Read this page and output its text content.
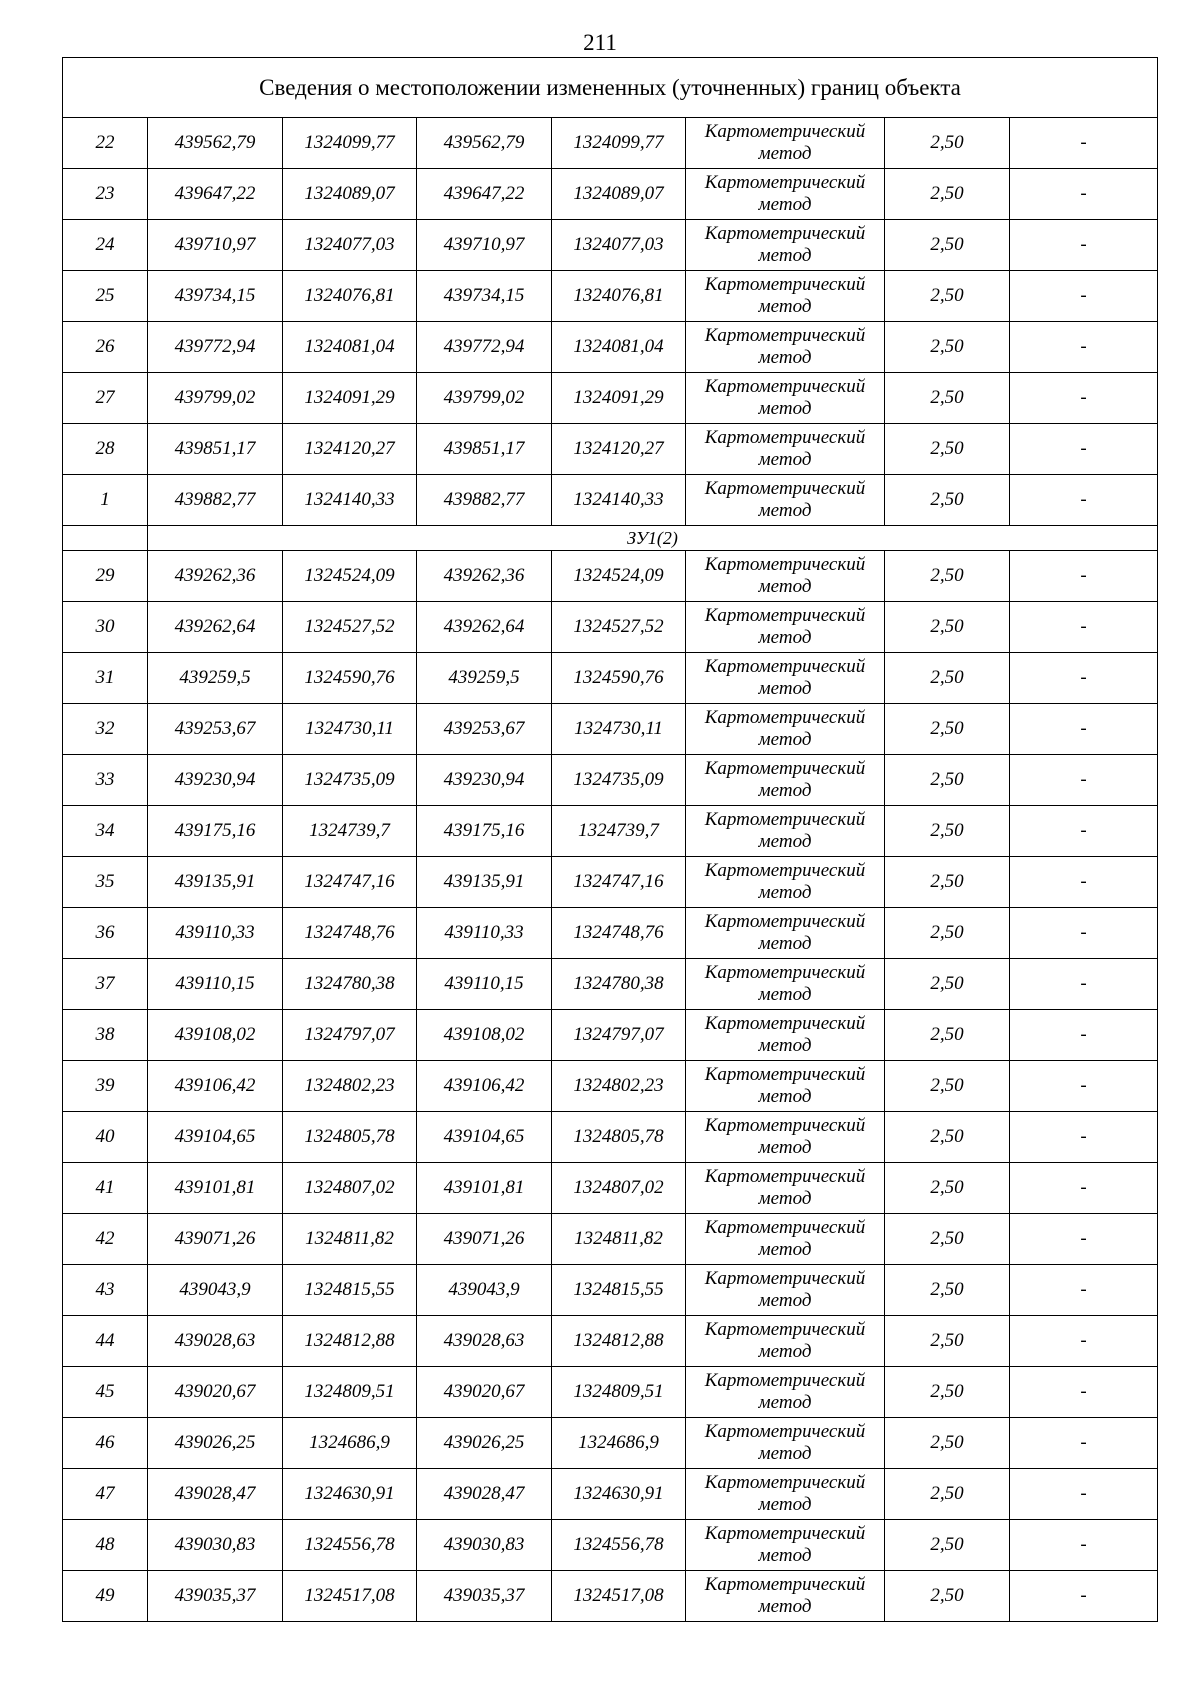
211
Сведения о местоположении измененных (уточненных) границ объекта							
22	439562,79	1324099,77	439562,79	1324099,77	Картометрический метод	2,50	-
23	439647,22	1324089,07	439647,22	1324089,07	Картометрический метод	2,50	-
24	439710,97	1324077,03	439710,97	1324077,03	Картометрический метод	2,50	-
25	439734,15	1324076,81	439734,15	1324076,81	Картометрический метод	2,50	-
26	439772,94	1324081,04	439772,94	1324081,04	Картометрический метод	2,50	-
27	439799,02	1324091,29	439799,02	1324091,29	Картометрический метод	2,50	-
28	439851,17	1324120,27	439851,17	1324120,27	Картометрический метод	2,50	-
1	439882,77	1324140,33	439882,77	1324140,33	Картометрический метод	2,50	-
	ЗУ1(2)						
29	439262,36	1324524,09	439262,36	1324524,09	Картометрический метод	2,50	-
30	439262,64	1324527,52	439262,64	1324527,52	Картометрический метод	2,50	-
31	439259,5	1324590,76	439259,5	1324590,76	Картометрический метод	2,50	-
32	439253,67	1324730,11	439253,67	1324730,11	Картометрический метод	2,50	-
33	439230,94	1324735,09	439230,94	1324735,09	Картометрический метод	2,50	-
34	439175,16	1324739,7	439175,16	1324739,7	Картометрический метод	2,50	-
35	439135,91	1324747,16	439135,91	1324747,16	Картометрический метод	2,50	-
36	439110,33	1324748,76	439110,33	1324748,76	Картометрический метод	2,50	-
37	439110,15	1324780,38	439110,15	1324780,38	Картометрический метод	2,50	-
38	439108,02	1324797,07	439108,02	1324797,07	Картометрический метод	2,50	-
39	439106,42	1324802,23	439106,42	1324802,23	Картометрический метод	2,50	-
40	439104,65	1324805,78	439104,65	1324805,78	Картометрический метод	2,50	-
41	439101,81	1324807,02	439101,81	1324807,02	Картометрический метод	2,50	-
42	439071,26	1324811,82	439071,26	1324811,82	Картометрический метод	2,50	-
43	439043,9	1324815,55	439043,9	1324815,55	Картометрический метод	2,50	-
44	439028,63	1324812,88	439028,63	1324812,88	Картометрический метод	2,50	-
45	439020,67	1324809,51	439020,67	1324809,51	Картометрический метод	2,50	-
46	439026,25	1324686,9	439026,25	1324686,9	Картометрический метод	2,50	-
47	439028,47	1324630,91	439028,47	1324630,91	Картометрический метод	2,50	-
48	439030,83	1324556,78	439030,83	1324556,78	Картометрический метод	2,50	-
49	439035,37	1324517,08	439035,37	1324517,08	Картометрический метод	2,50	-
